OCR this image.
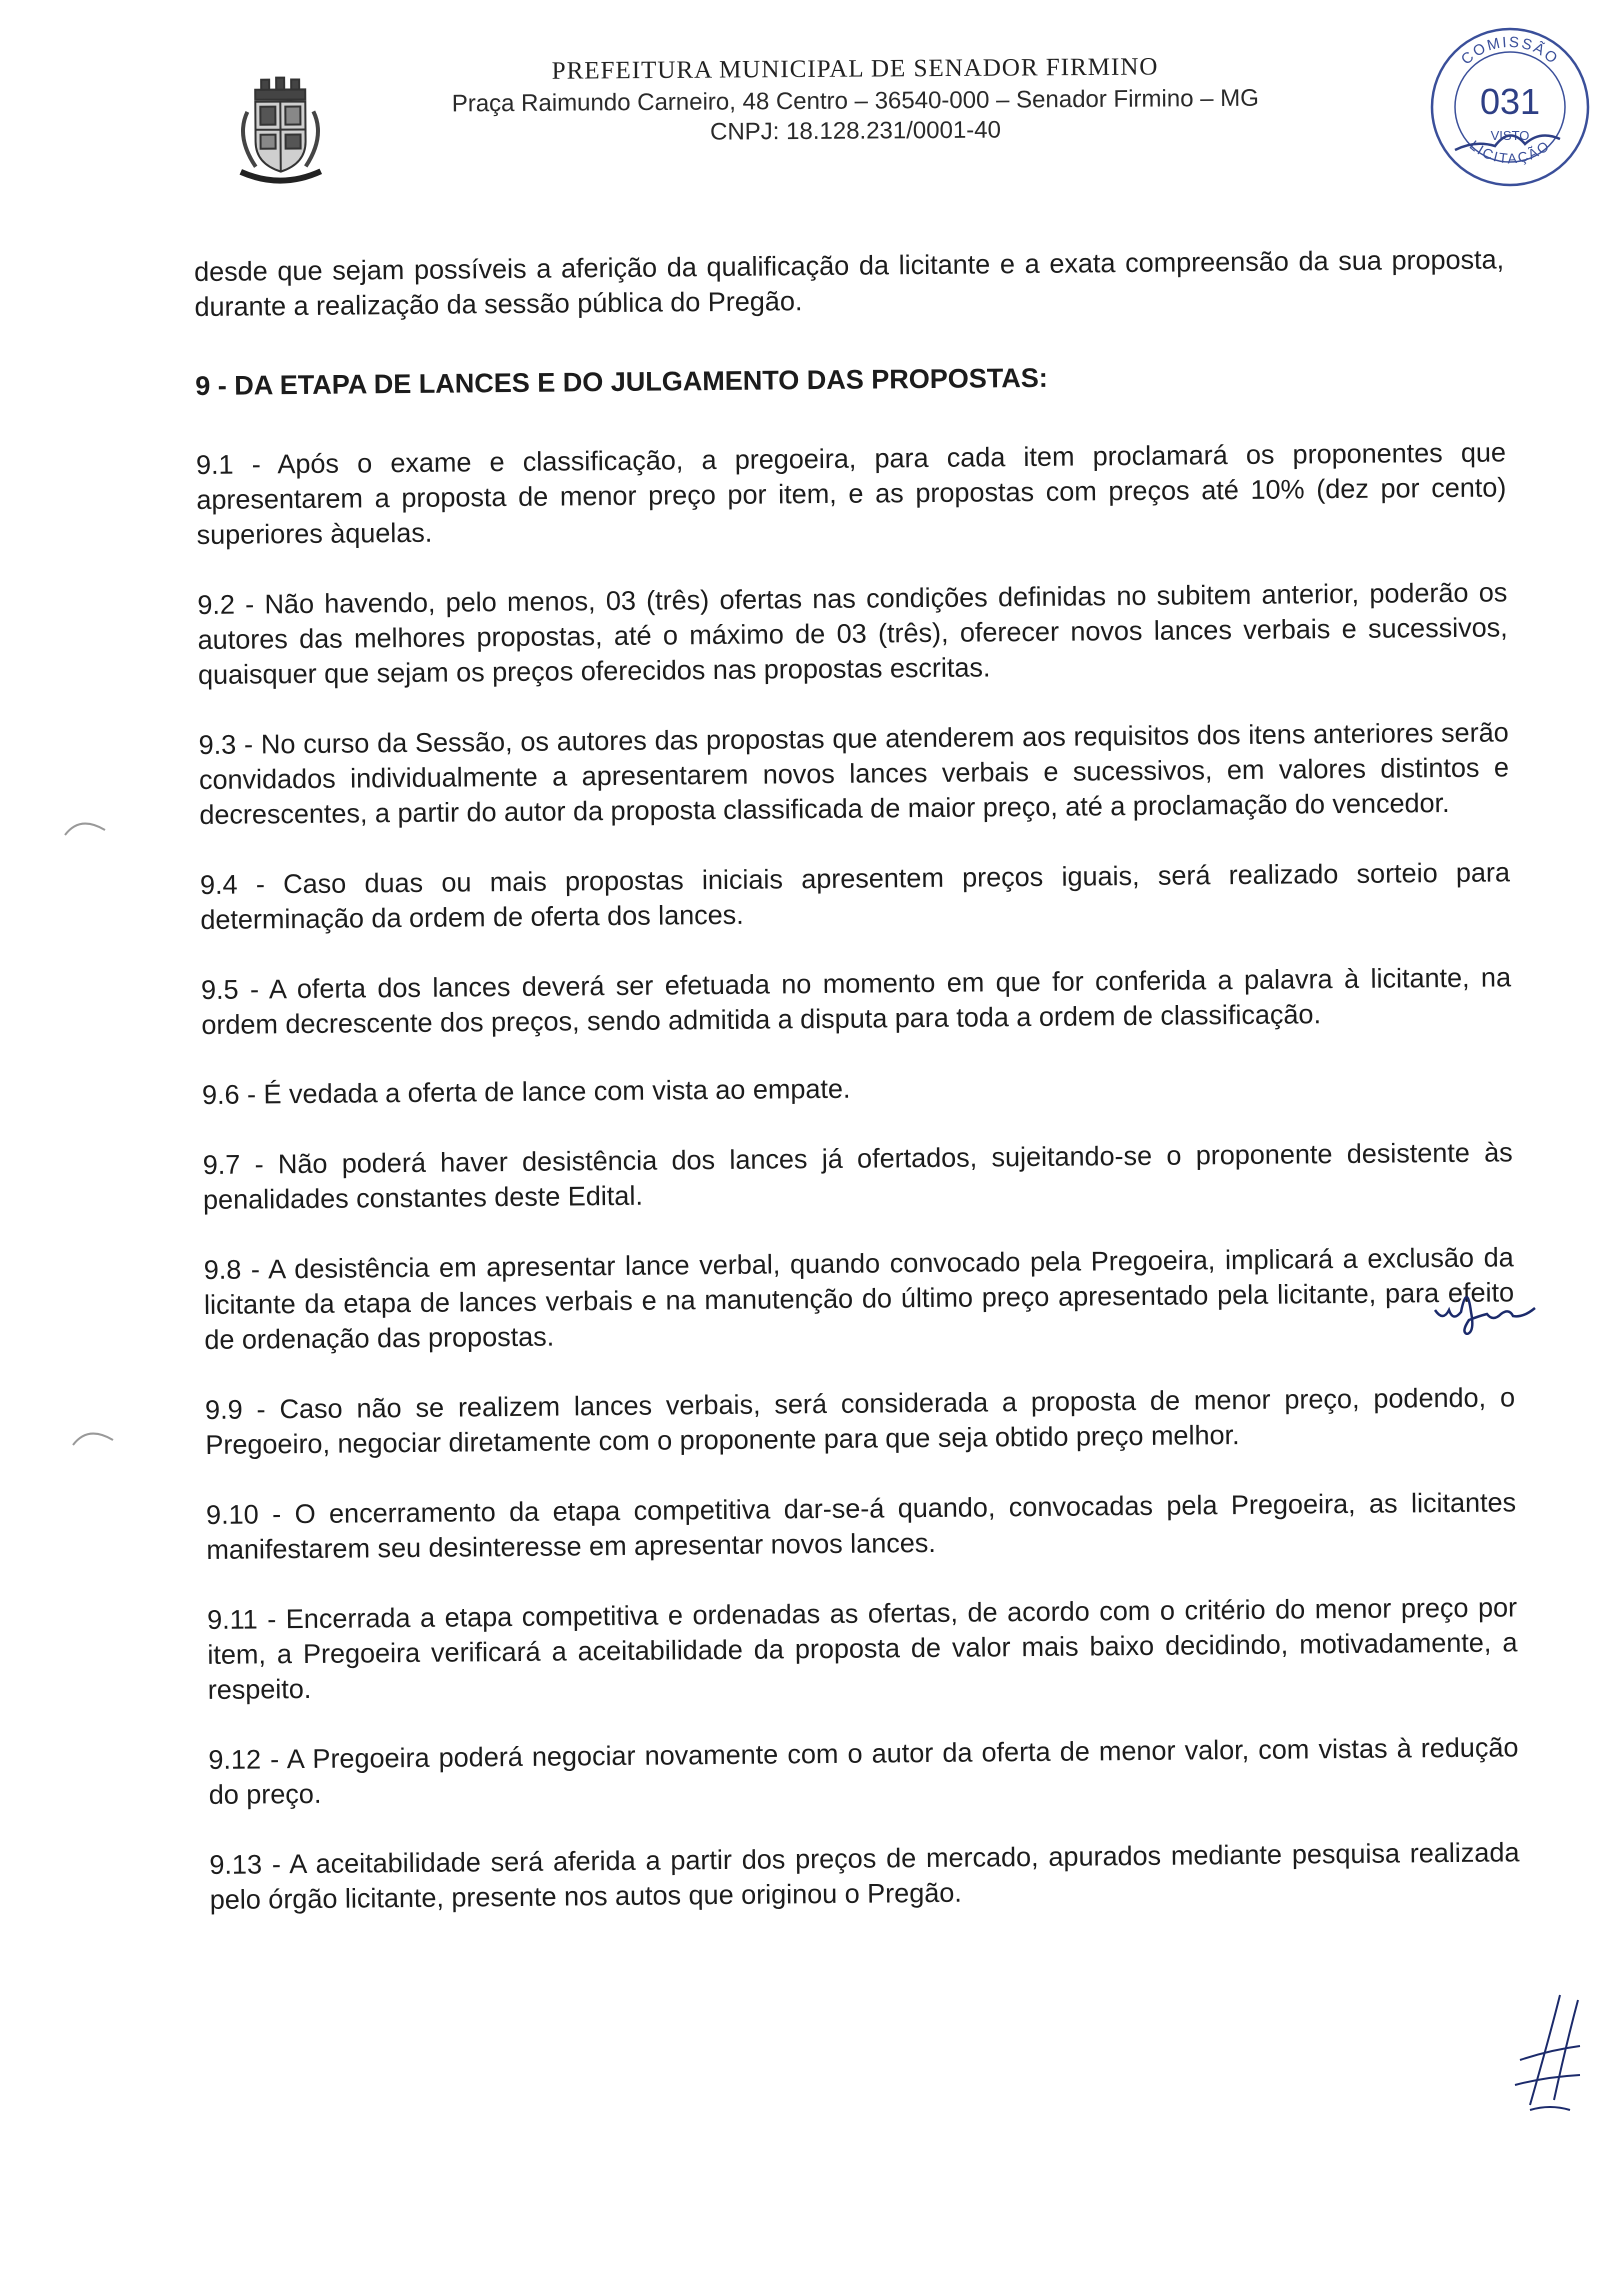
PREFEITURA MUNICIPAL DE SENADOR FIRMINO
Praça Raimundo Carneiro, 48 Centro – 36540-000 – Senador Firmino – MG
CNPJ: 18.128.231/0001-40
COMISSÃO
031
VISTO
LICITAÇÃO

desde que sejam possíveis a aferição da qualificação da licitante e a exata compreensão da sua proposta, durante a realização da sessão pública do Pregão.

9 - DA ETAPA DE LANCES E DO JULGAMENTO DAS PROPOSTAS:

9.1 - Após o exame e classificação, a pregoeira, para cada item proclamará os proponentes que apresentarem a proposta de menor preço por item, e as propostas com preços até 10% (dez por cento) superiores àquelas.

9.2 - Não havendo, pelo menos, 03 (três) ofertas nas condições definidas no subitem anterior, poderão os autores das melhores propostas, até o máximo de 03 (três), oferecer novos lances verbais e sucessivos, quaisquer que sejam os preços oferecidos nas propostas escritas.

9.3 - No curso da Sessão, os autores das propostas que atenderem aos requisitos dos itens anteriores serão convidados individualmente a apresentarem novos lances verbais e sucessivos, em valores distintos e decrescentes, a partir do autor da proposta classificada de maior preço, até a proclamação do vencedor.

9.4 - Caso duas ou mais propostas iniciais apresentem preços iguais, será realizado sorteio para determinação da ordem de oferta dos lances.

9.5 - A oferta dos lances deverá ser efetuada no momento em que for conferida a palavra à licitante, na ordem decrescente dos preços, sendo admitida a disputa para toda a ordem de classificação.

9.6 - É vedada a oferta de lance com vista ao empate.

9.7 - Não poderá haver desistência dos lances já ofertados, sujeitando-se o proponente desistente às penalidades constantes deste Edital.

9.8 - A desistência em apresentar lance verbal, quando convocado pela Pregoeira, implicará a exclusão da licitante da etapa de lances verbais e na manutenção do último preço apresentado pela licitante, para efeito de ordenação das propostas.

9.9 - Caso não se realizem lances verbais, será considerada a proposta de menor preço, podendo, o Pregoeiro, negociar diretamente com o proponente para que seja obtido preço melhor.

9.10 - O encerramento da etapa competitiva dar-se-á quando, convocadas pela Pregoeira, as licitantes manifestarem seu desinteresse em apresentar novos lances.

9.11 - Encerrada a etapa competitiva e ordenadas as ofertas, de acordo com o critério do menor preço por item, a Pregoeira verificará a aceitabilidade da proposta de valor mais baixo decidindo, motivadamente, a respeito.

9.12 - A Pregoeira poderá negociar novamente com o autor da oferta de menor valor, com vistas à redução do preço.

9.13 - A aceitabilidade será aferida a partir dos preços de mercado, apurados mediante pesquisa realizada pelo órgão licitante, presente nos autos que originou o Pregão.
